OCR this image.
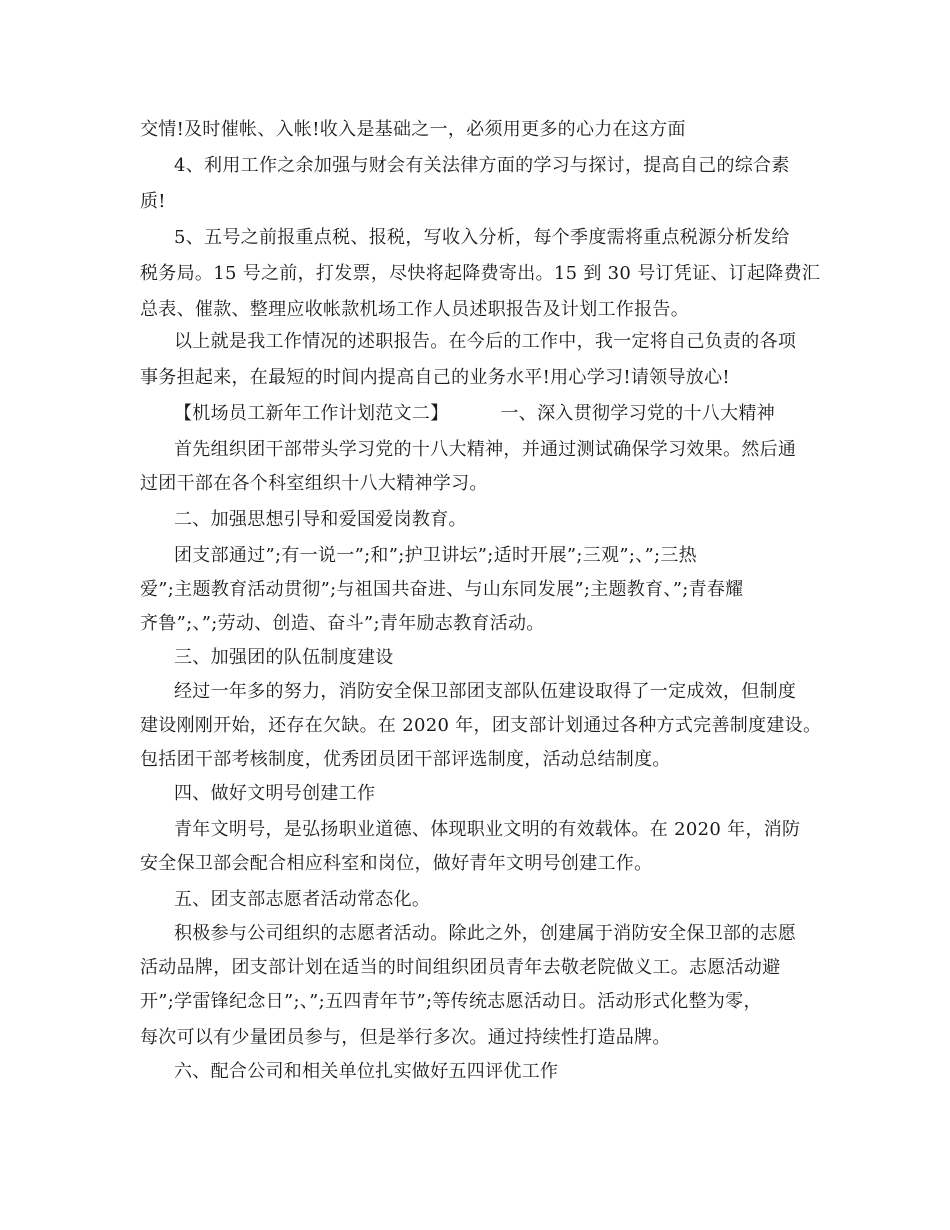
交情!及时催帐、入帐!收入是基础之一，必须用更多的心力在这方面
4、利用工作之余加强与财会有关法律方面的学习与探讨，提高自己的综合素
质!
5、五号之前报重点税、报税，写收入分析，每个季度需将重点税源分析发给
税务局。15 号之前，打发票，尽快将起降费寄出。15 到 30 号订凭证、订起降费汇
总表、催款、整理应收帐款机场工作人员述职报告及计划工作报告。
以上就是我工作情况的述职报告。在今后的工作中，我一定将自己负责的各项
事务担起来，在最短的时间内提高自己的业务水平!用心学习!请领导放心!
【机场员工新年工作计划范文二】	一、深入贯彻学习党的十八大精神
首先组织团干部带头学习党的十八大精神，并通过测试确保学习效果。然后通
过团干部在各个科室组织十八大精神学习。
二、加强思想引导和爱国爱岗教育。
团支部通过”;有一说一”;和”;护卫讲坛”;适时开展”;三观”;、”;三热
爱”;主题教育活动贯彻”;与祖国共奋进、与山东同发展”;主题教育、”;青春耀
齐鲁”;、”;劳动、创造、奋斗”;青年励志教育活动。
三、加强团的队伍制度建设
经过一年多的努力，消防安全保卫部团支部队伍建设取得了一定成效，但制度
建设刚刚开始，还存在欠缺。在 2020 年，团支部计划通过各种方式完善制度建设。
包括团干部考核制度，优秀团员团干部评选制度，活动总结制度。
四、做好文明号创建工作
青年文明号，是弘扬职业道德、体现职业文明的有效载体。在 2020 年，消防
安全保卫部会配合相应科室和岗位，做好青年文明号创建工作。
五、团支部志愿者活动常态化。
积极参与公司组织的志愿者活动。除此之外，创建属于消防安全保卫部的志愿
活动品牌，团支部计划在适当的时间组织团员青年去敬老院做义工。志愿活动避
开”;学雷锋纪念日”;、”;五四青年节”;等传统志愿活动日。活动形式化整为零，
每次可以有少量团员参与，但是举行多次。通过持续性打造品牌。
六、配合公司和相关单位扎实做好五四评优工作
